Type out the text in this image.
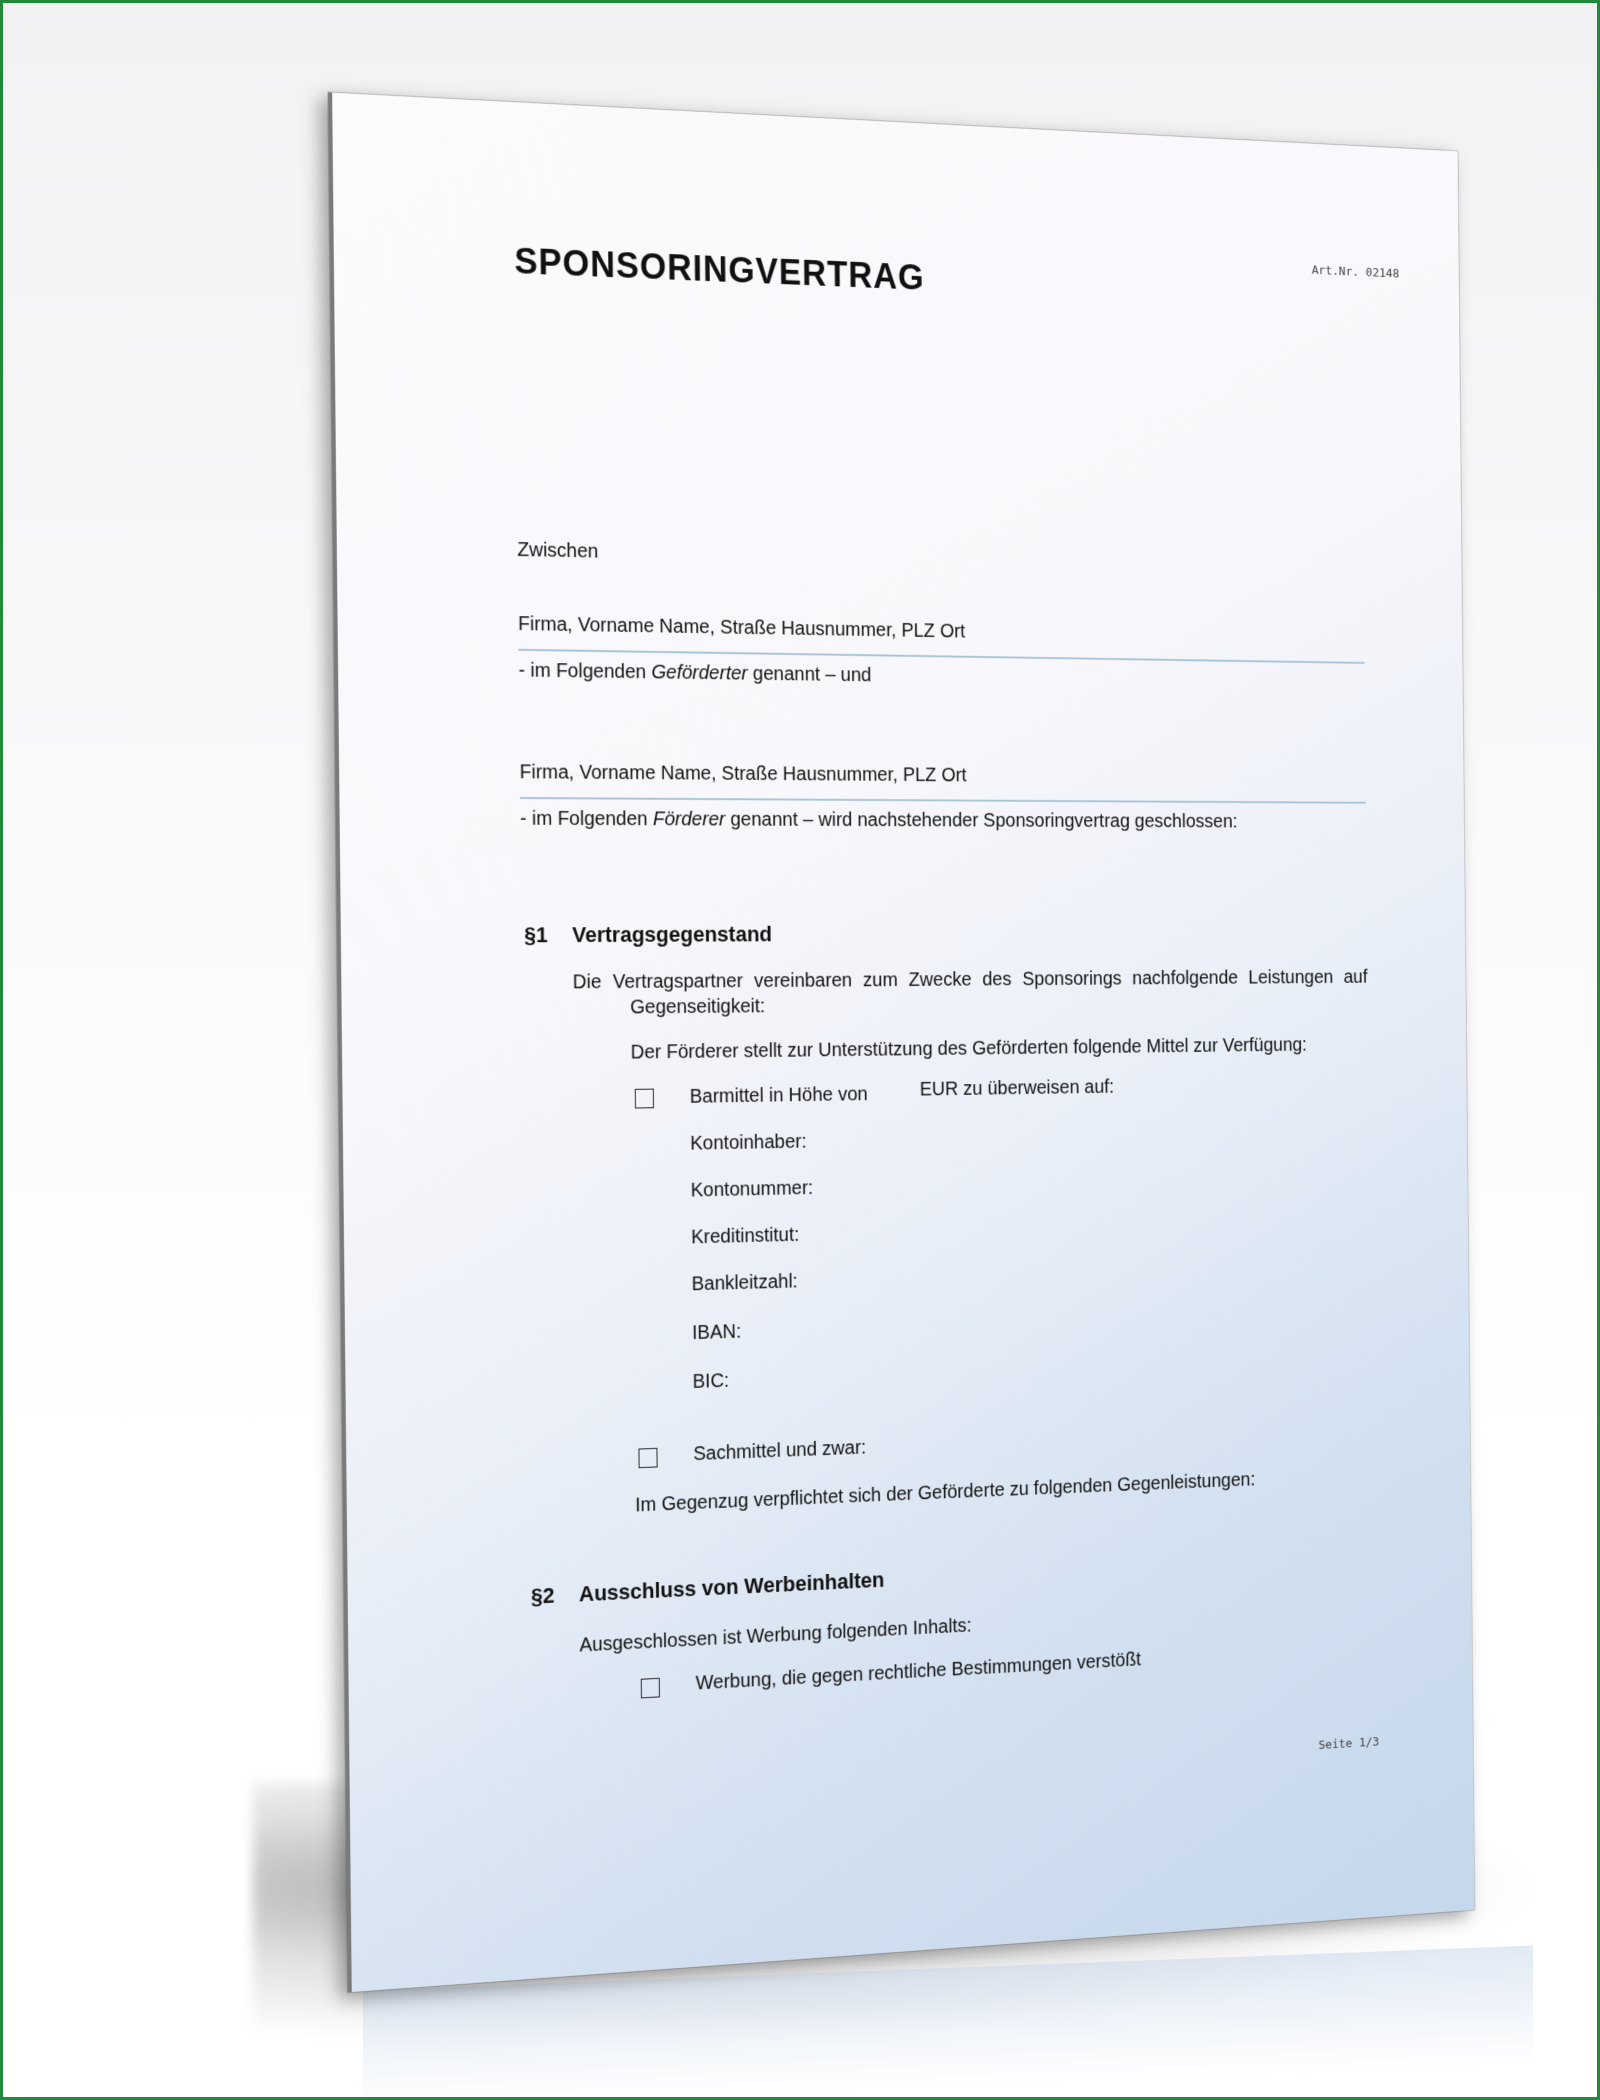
SPONSORINGVERTRAG	Art.Nr. 02148
Zwischen
Firma, Vorname Name, Straße Hausnummer, PLZ Ort
- im Folgenden Geförderter genannt – und
Firma, Vorname Name, Straße Hausnummer, PLZ Ort
- im Folgenden Förderer genannt – wird nachstehender Sponsoringvertrag geschlossen:
§1 Vertragsgegenstand
Die Vertragspartner vereinbaren zum Zwecke des Sponsorings nachfolgende Leistungen auf
Gegenseitigkeit:
Der Förderer stellt zur Unterstützung des Geförderten folgende Mittel zur Verfügung:
Barmittel in Höhe von	EUR zu überweisen auf:
Kontoinhaber:
Kontonummer:
Kreditinstitut:
Bankleitzahl:
IBAN:
BIC:
Sachmittel und zwar:
Im Gegenzug verpflichtet sich der Geförderte zu folgenden Gegenleistungen:
§2 Ausschluss von Werbeinhalten
Ausgeschlossen ist Werbung folgenden Inhalts:
Werbung, die gegen rechtliche Bestimmungen verstößt
Seite 1/3
